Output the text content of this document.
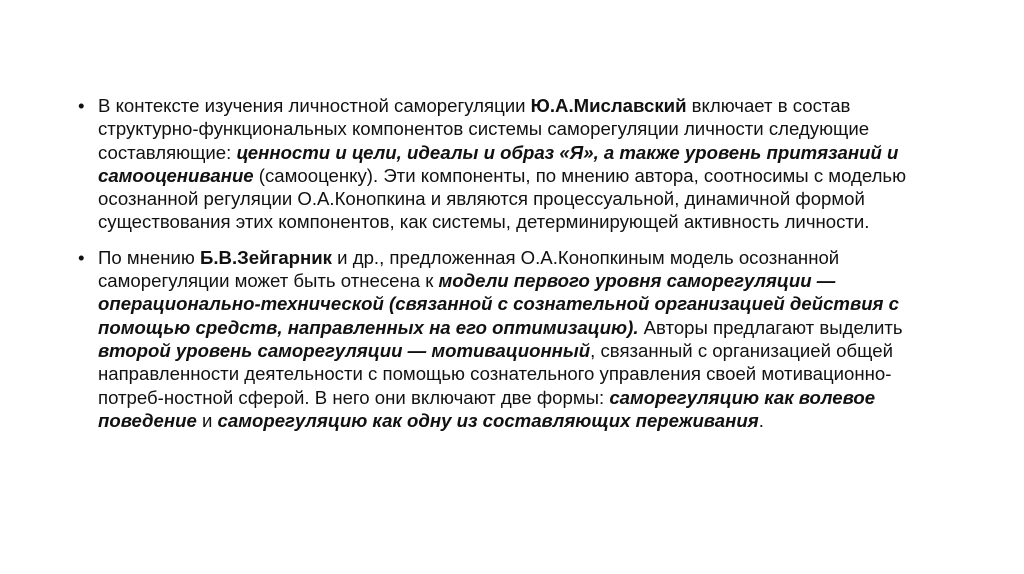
• В контексте изучения личностной саморегуляции Ю.А.Миславский включает в состав структурно-функциональных компонентов системы саморегуляции личности следующие составляющие: ценности и цели, идеалы и образ «Я», а также уровень притязаний и самооценивание (самооценку). Эти компоненты, по мнению автора, соотносимы с моделью осознанной регуляции О.А.Конопкина и являются процессуальной, динамичной формой существования этих компонентов, как системы, детерминирующей активность личности.
• По мнению Б.В.Зейгарник и др., предложенная О.А.Конопкиным модель осознанной саморегуляции может быть отнесена к модели первого уровня саморегуляции — операционально-технической (связанной с сознательной организацией действия с помощью средств, направленных на его оптимизацию). Авторы предлагают выделить второй уровень саморегуляции — мотивационный, связанный с организацией общей направленности деятельности с помощью сознательного управления своей мотивационно-потреб-ностной сферой. В него они включают две формы: саморегуляцию как волевое поведение и саморегуляцию как одну из составляющих переживания.
